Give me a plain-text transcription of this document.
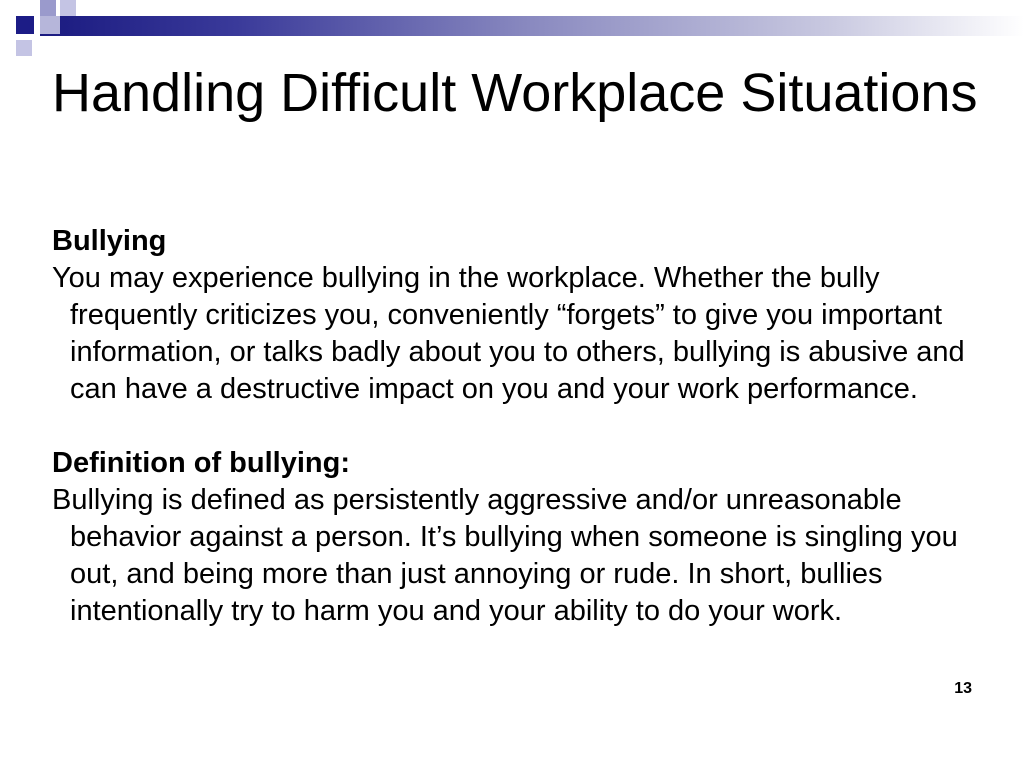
Handling Difficult Workplace Situations

Bullying

You may experience bullying in the workplace. Whether the bully frequently criticizes you, conveniently “forgets” to give you important information, or talks badly about you to others, bullying is abusive and can have a destructive impact on you and your work performance.

Definition of bullying:

Bullying is defined as persistently aggressive and/or unreasonable behavior against a person. It’s bullying when someone is singling you out, and being more than just annoying or rude. In short, bullies intentionally try to harm you and your ability to do your work.

13
